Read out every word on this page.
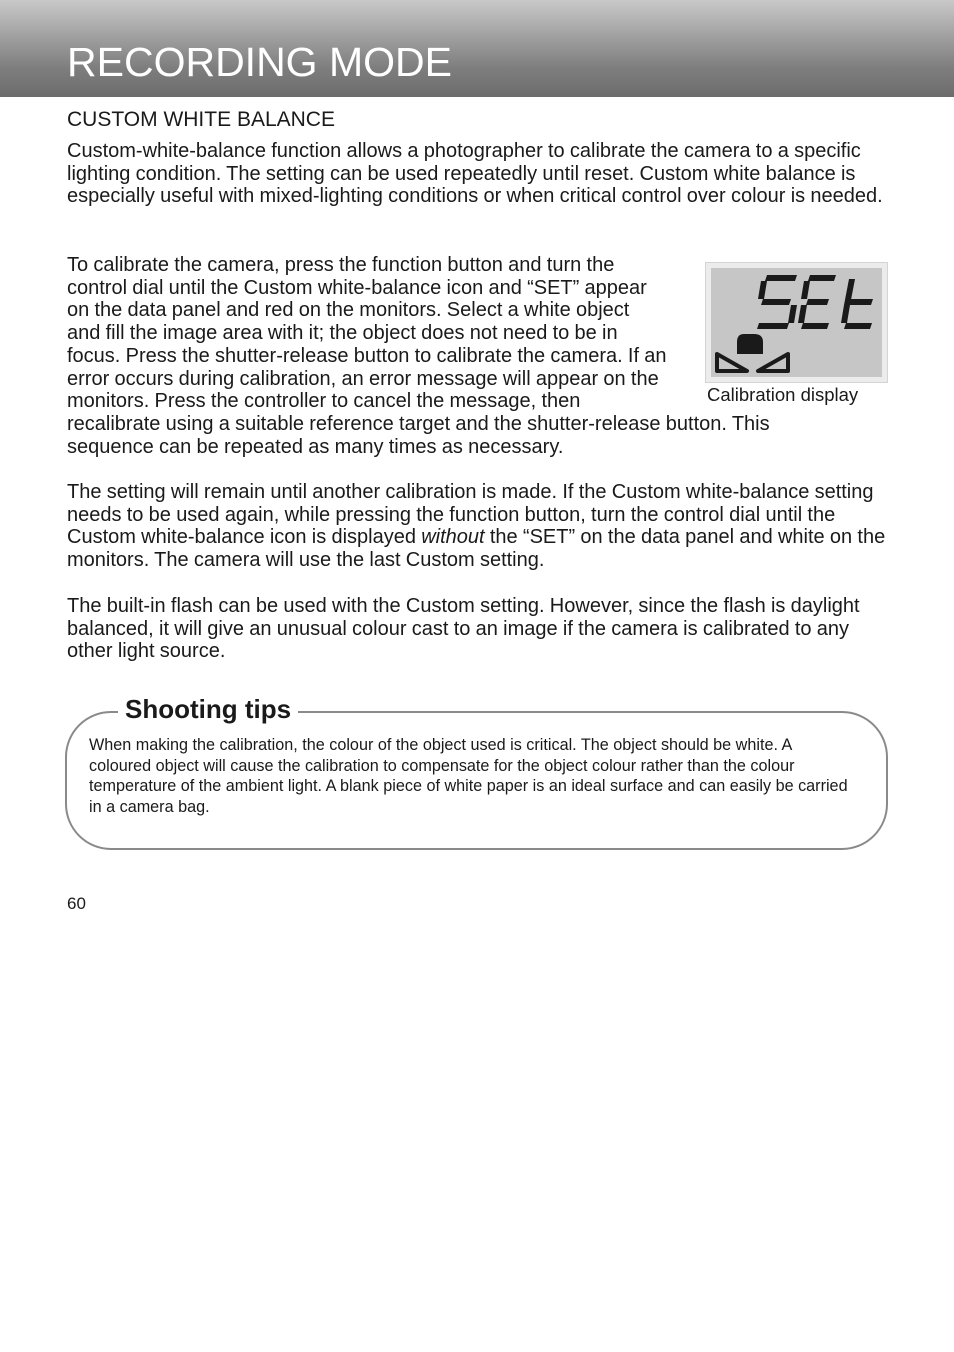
RECORDING MODE
CUSTOM WHITE BALANCE

Custom-white-balance function allows a photographer to calibrate the camera to a specific lighting condition. The setting can be used repeatedly until reset. Custom white balance is especially useful with mixed-lighting conditions or when critical control over colour is needed.

To calibrate the camera, press the function button and turn the
control dial until the Custom white-balance icon and “SET” appear
on the data panel and red on the monitors. Select a white object
and fill the image area with it; the object does not need to be in
focus. Press the shutter-release button to calibrate the camera. If an
error occurs during calibration, an error message will appear on the
monitors. Press the controller to cancel the message, then
recalibrate using a suitable reference target and the shutter-release button. This
sequence can be repeated as many times as necessary.

Calibration display

The setting will remain until another calibration is made. If the Custom white-balance setting needs to be used again, while pressing the function button, turn the control dial until the Custom white-balance icon is displayed without the “SET” on the data panel and white on the monitors. The camera will use the last Custom setting.

The built-in flash can be used with the Custom setting. However, since the flash is daylight balanced, it will give an unusual colour cast to an image if the camera is calibrated to any other light source.

Shooting tips

When making the calibration, the colour of the object used is critical. The object should be white. A coloured object will cause the calibration to compensate for the object colour rather than the colour temperature of the ambient light. A blank piece of white paper is an ideal surface and can easily be carried in a camera bag.

60
